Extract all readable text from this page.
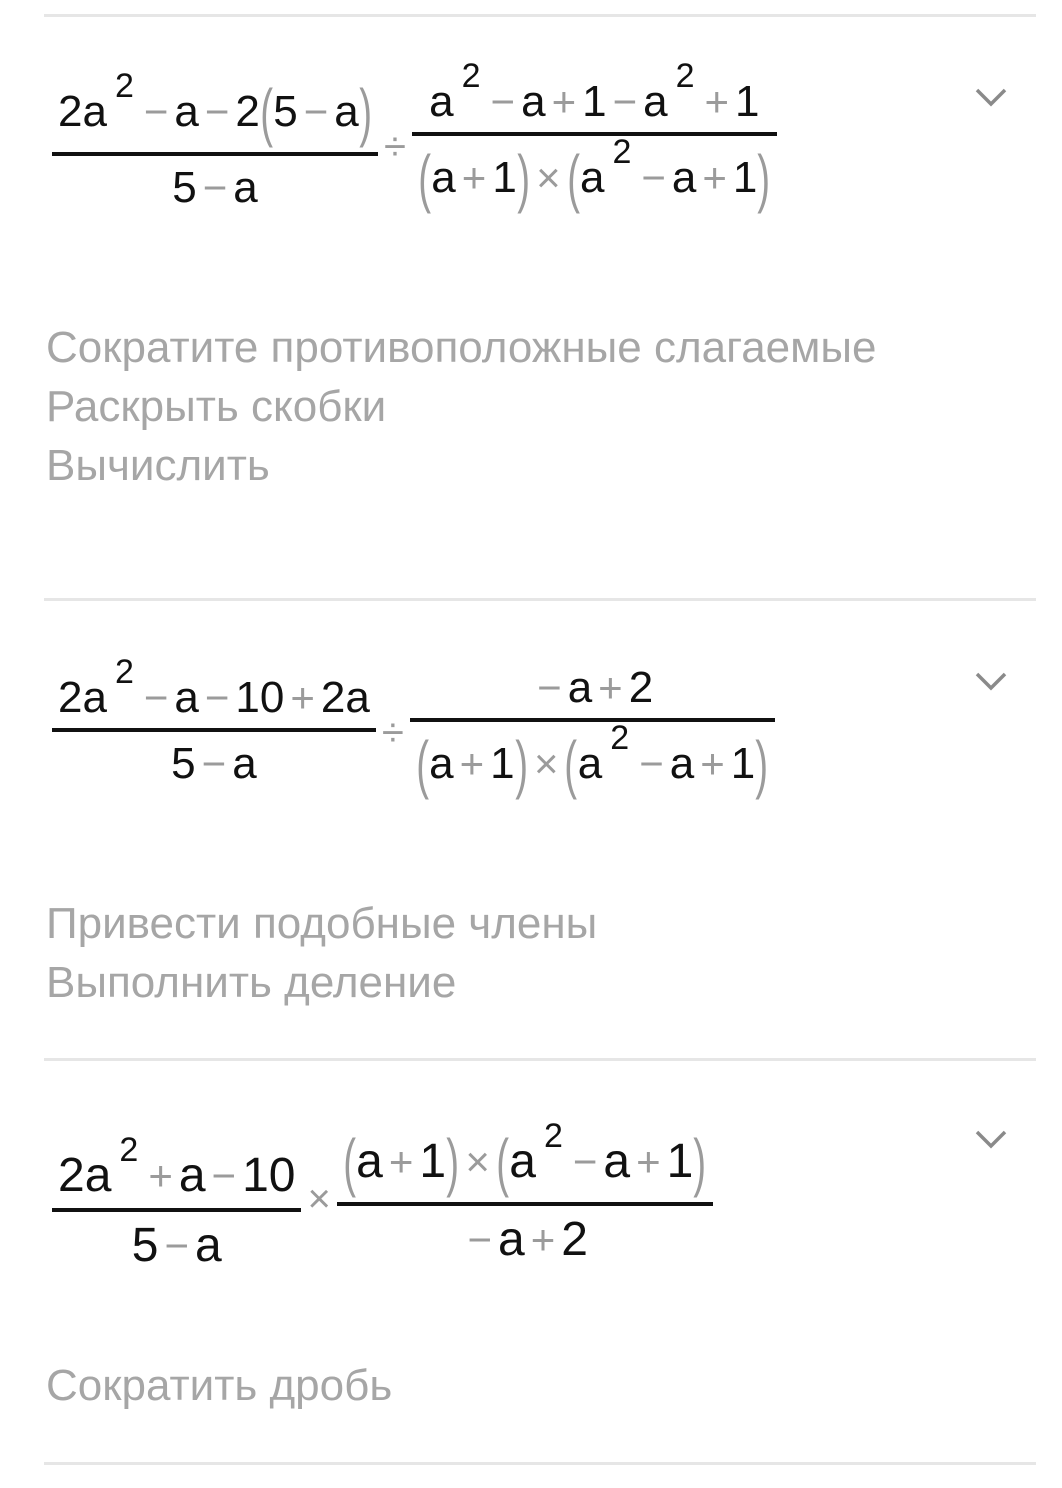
2a
$^2$
− a − 2 ( 5 − a )
5 − a ÷ a
$^2$
− a + 1 − a
$^2$
+ 1
( a + 1 ) × ( a
$^2$
− a + 1 )
Сократите противоположные слагаемые
Раскрыть скобки
Вычислить
2a
$^2$
− a − 10 + 2a
5 − a ÷ − a + 2
( a + 1 ) × ( a
$^2$
− a + 1 )
Привести подобные члены
Выполнить деление
$2a^2$
+ a − 10
5 − a × ( a + 1 ) × ( $a^2$
− a + 1 )
− a + 2
Сократить дробь
